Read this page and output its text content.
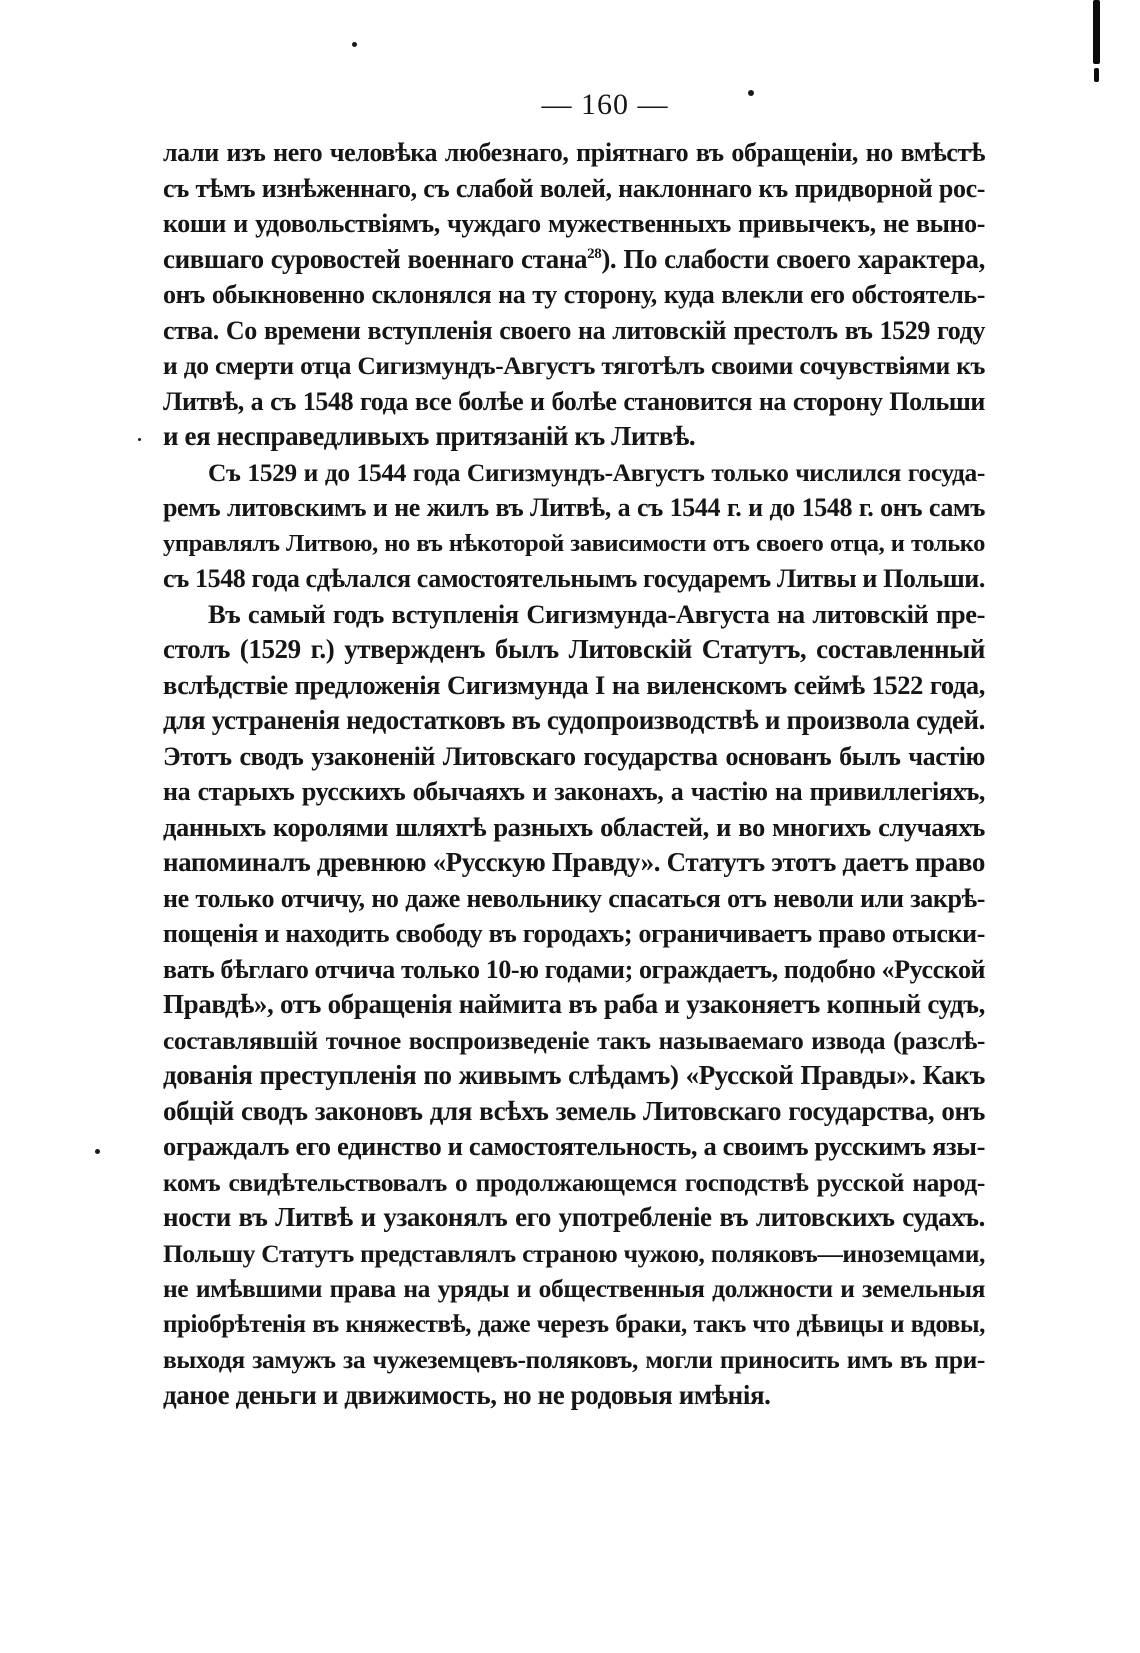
— 160 —
лали изъ него человѣка любезнаго, пріятнаго въ обращеніи, но вмѣстѣ
съ тѣмъ изнѣженнаго, съ слабой волей, наклоннаго къ придворной рос-
коши и удовольствіямъ, чуждаго мужественныхъ привычекъ, не выно-
сившаго суровостей военнаго стана$^{28}$). По слабости своего характера,
онъ обыкновенно склонялся на ту сторону, куда влекли его обстоятель-
ства. Со времени вступленія своего на литовскій престолъ въ 1529 году
и до смерти отца Сигизмундъ-Августъ тяготѣлъ своими сочувствіями къ
Литвѣ, а съ 1548 года все болѣе и болѣе становится на сторону Польши
и ея несправедливыхъ притязаній къ Литвѣ.
Съ 1529 и до 1544 года Сигизмундъ-Августъ только числился госуда-
ремъ литовскимъ и не жилъ въ Литвѣ, а съ 1544 г. и до 1548 г. онъ самъ
управлялъ Литвою, но въ нѣкоторой зависимости отъ своего отца, и только
съ 1548 года сдѣлался самостоятельнымъ государемъ Литвы и Польши.
Въ самый годъ вступленія Сигизмунда-Августа на литовскій пре-
столъ (1529 г.) утвержденъ былъ Литовскій Статутъ, составленный
вслѣдствіе предложенія Сигизмунда I на виленскомъ сеймѣ 1522 года,
для устраненія недостатковъ въ судопроизводствѣ и произвола судей.
Этотъ сводъ узаконеній Литовскаго государства основанъ былъ частію
на старыхъ русскихъ обычаяхъ и законахъ, а частію на привиллегіяхъ,
данныхъ королями шляхтѣ разныхъ областей, и во многихъ случаяхъ
напоминалъ древнюю «Русскую Правду». Статутъ этотъ даетъ право
не только отчичу, но даже невольнику спасаться отъ неволи или закрѣ-
пощенія и находить свободу въ городахъ; ограничиваетъ право отыски-
вать бѣглаго отчича только 10-ю годами; ограждаетъ, подобно «Русской
Правдѣ», отъ обращенія наймита въ раба и узаконяетъ копный судъ,
составлявшій точное воспроизведеніе такъ называемаго извода (разслѣ-
дованія преступленія по живымъ слѣдамъ) «Русской Правды». Какъ
общій сводъ законовъ для всѣхъ земель Литовскаго государства, онъ
ограждалъ его единство и самостоятельность, а своимъ русскимъ язы-
комъ свидѣтельствовалъ о продолжающемся господствѣ русской народ-
ности въ Литвѣ и узаконялъ его употребленіе въ литовскихъ судахъ.
Польшу Статутъ представлялъ страною чужою, поляковъ—иноземцами,
не имѣвшими права на уряды и общественныя должности и земельныя
пріобрѣтенія въ княжествѣ, даже черезъ браки, такъ что дѣвицы и вдовы,
выходя замужъ за чужеземцевъ-поляковъ, могли приносить имъ въ при-
даное деньги и движимость, но не родовыя имѣнія.
